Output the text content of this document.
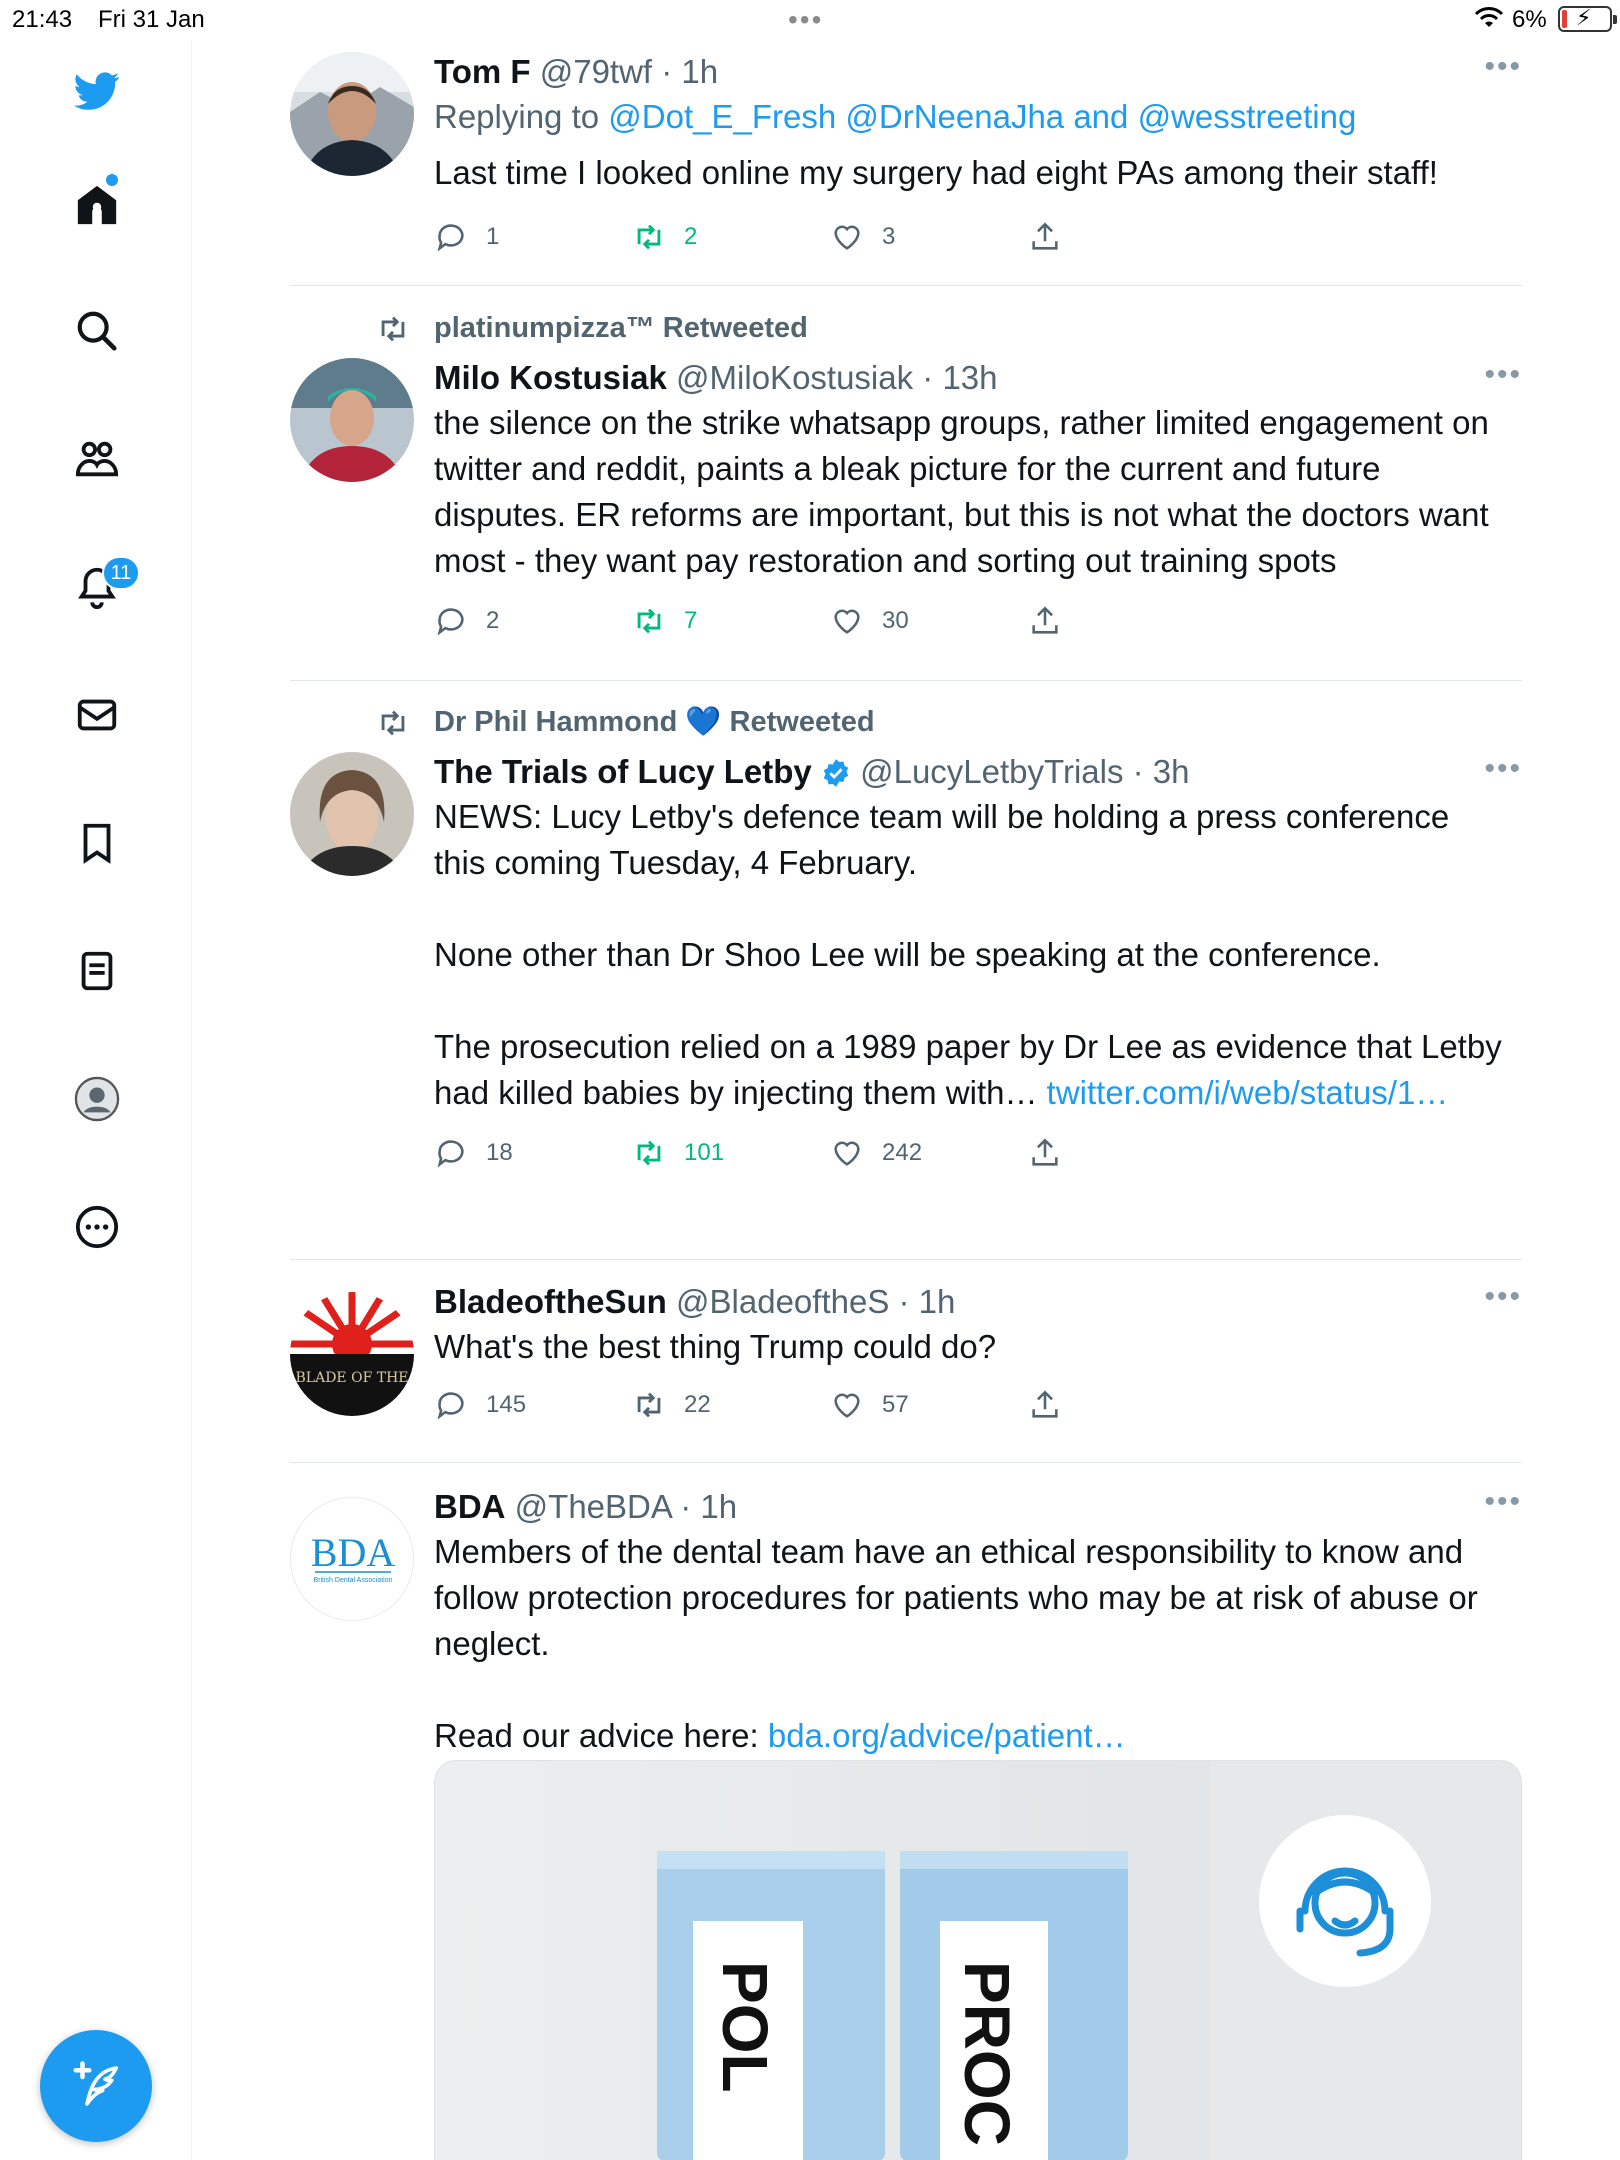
21:43 Fri 31 Jan	•••	6% ⚡
11
•••
Tom F @79twf · 1h
Replying to @Dot_E_Fresh @DrNeenaJha and @wesstreeting
Last time I looked online my surgery had eight PAs among their staff!
1	2	3
platinumpizza™ Retweeted
•••
Milo Kostusiak @MiloKostusiak · 13h
the silence on the strike whatsapp groups, rather limited engagement on twitter and reddit, paints a bleak picture for the current and future disputes. ER reforms are important, but this is not what the doctors want most - they want pay restoration and sorting out training spots
2	7	30
Dr Phil Hammond
💙
Retweeted
•••
The Trials of Lucy Letby @LucyLetbyTrials · 3h
NEWS: Lucy Letby's defence team will be holding a press conference this coming Tuesday, 4 February.

None other than Dr Shoo Lee will be speaking at the conference.

The prosecution relied on a 1989 paper by Dr Lee as evidence that Letby had killed babies by injecting them with… twitter.com/i/web/status/1…
18	101	242
BLADE OF THE
•••
BladeoftheSun @BladeoftheS · 1h
What's the best thing Trump could do?
145	22	57
BDA
British Dental Association
•••
BDA @TheBDA · 1h
Members of the dental team have an ethical responsibility to know and follow protection procedures for patients who may be at risk of abuse or neglect.

Read our advice here: bda.org/advice/patient…
POL	PROC
